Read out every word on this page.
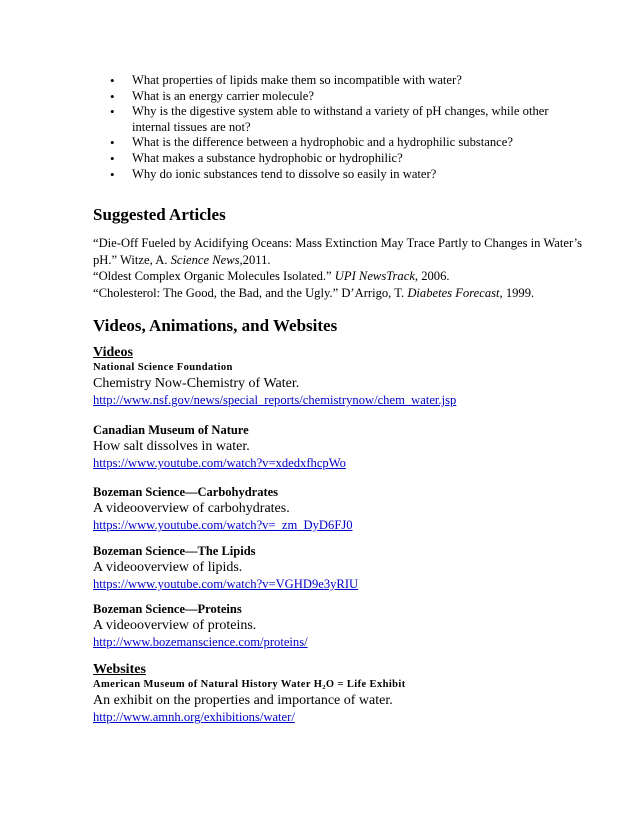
• What properties of lipids make them so incompatible with water?
• What is an energy carrier molecule?
• Why is the digestive system able to withstand a variety of pH changes, while other internal tissues are not?
• What is the difference between a hydrophobic and a hydrophilic substance?
• What makes a substance hydrophobic or hydrophilic?
• Why do ionic substances tend to dissolve so easily in water?
Suggested Articles

“Die-Off Fueled by Acidifying Oceans: Mass Extinction May Trace Partly to Changes in Water’s pH.” Witze, A. Science News,2011.

“Oldest Complex Organic Molecules Isolated.” UPI NewsTrack, 2006.

“Cholesterol: The Good, the Bad, and the Ugly.” D’Arrigo, T. Diabetes Forecast, 1999.

Videos, Animations, and Websites
Videos
National Science Foundation
Chemistry Now-Chemistry of Water.
http://www.nsf.gov/news/special_reports/chemistrynow/chem_water.jsp
Canadian Museum of Nature
How salt dissolves in water.
https://www.youtube.com/watch?v=xdedxfhcpWo
Bozeman Science—Carbohydrates
A videooverview of carbohydrates.
https://www.youtube.com/watch?v=_zm_DyD6FJ0
Bozeman Science—The Lipids
A videooverview of lipids.
https://www.youtube.com/watch?v=VGHD9e3yRIU
Bozeman Science—Proteins
A videooverview of proteins.
http://www.bozemanscience.com/proteins/
Websites
American Museum of Natural History Water H₂O = Life Exhibit
An exhibit on the properties and importance of water.
http://www.amnh.org/exhibitions/water/
